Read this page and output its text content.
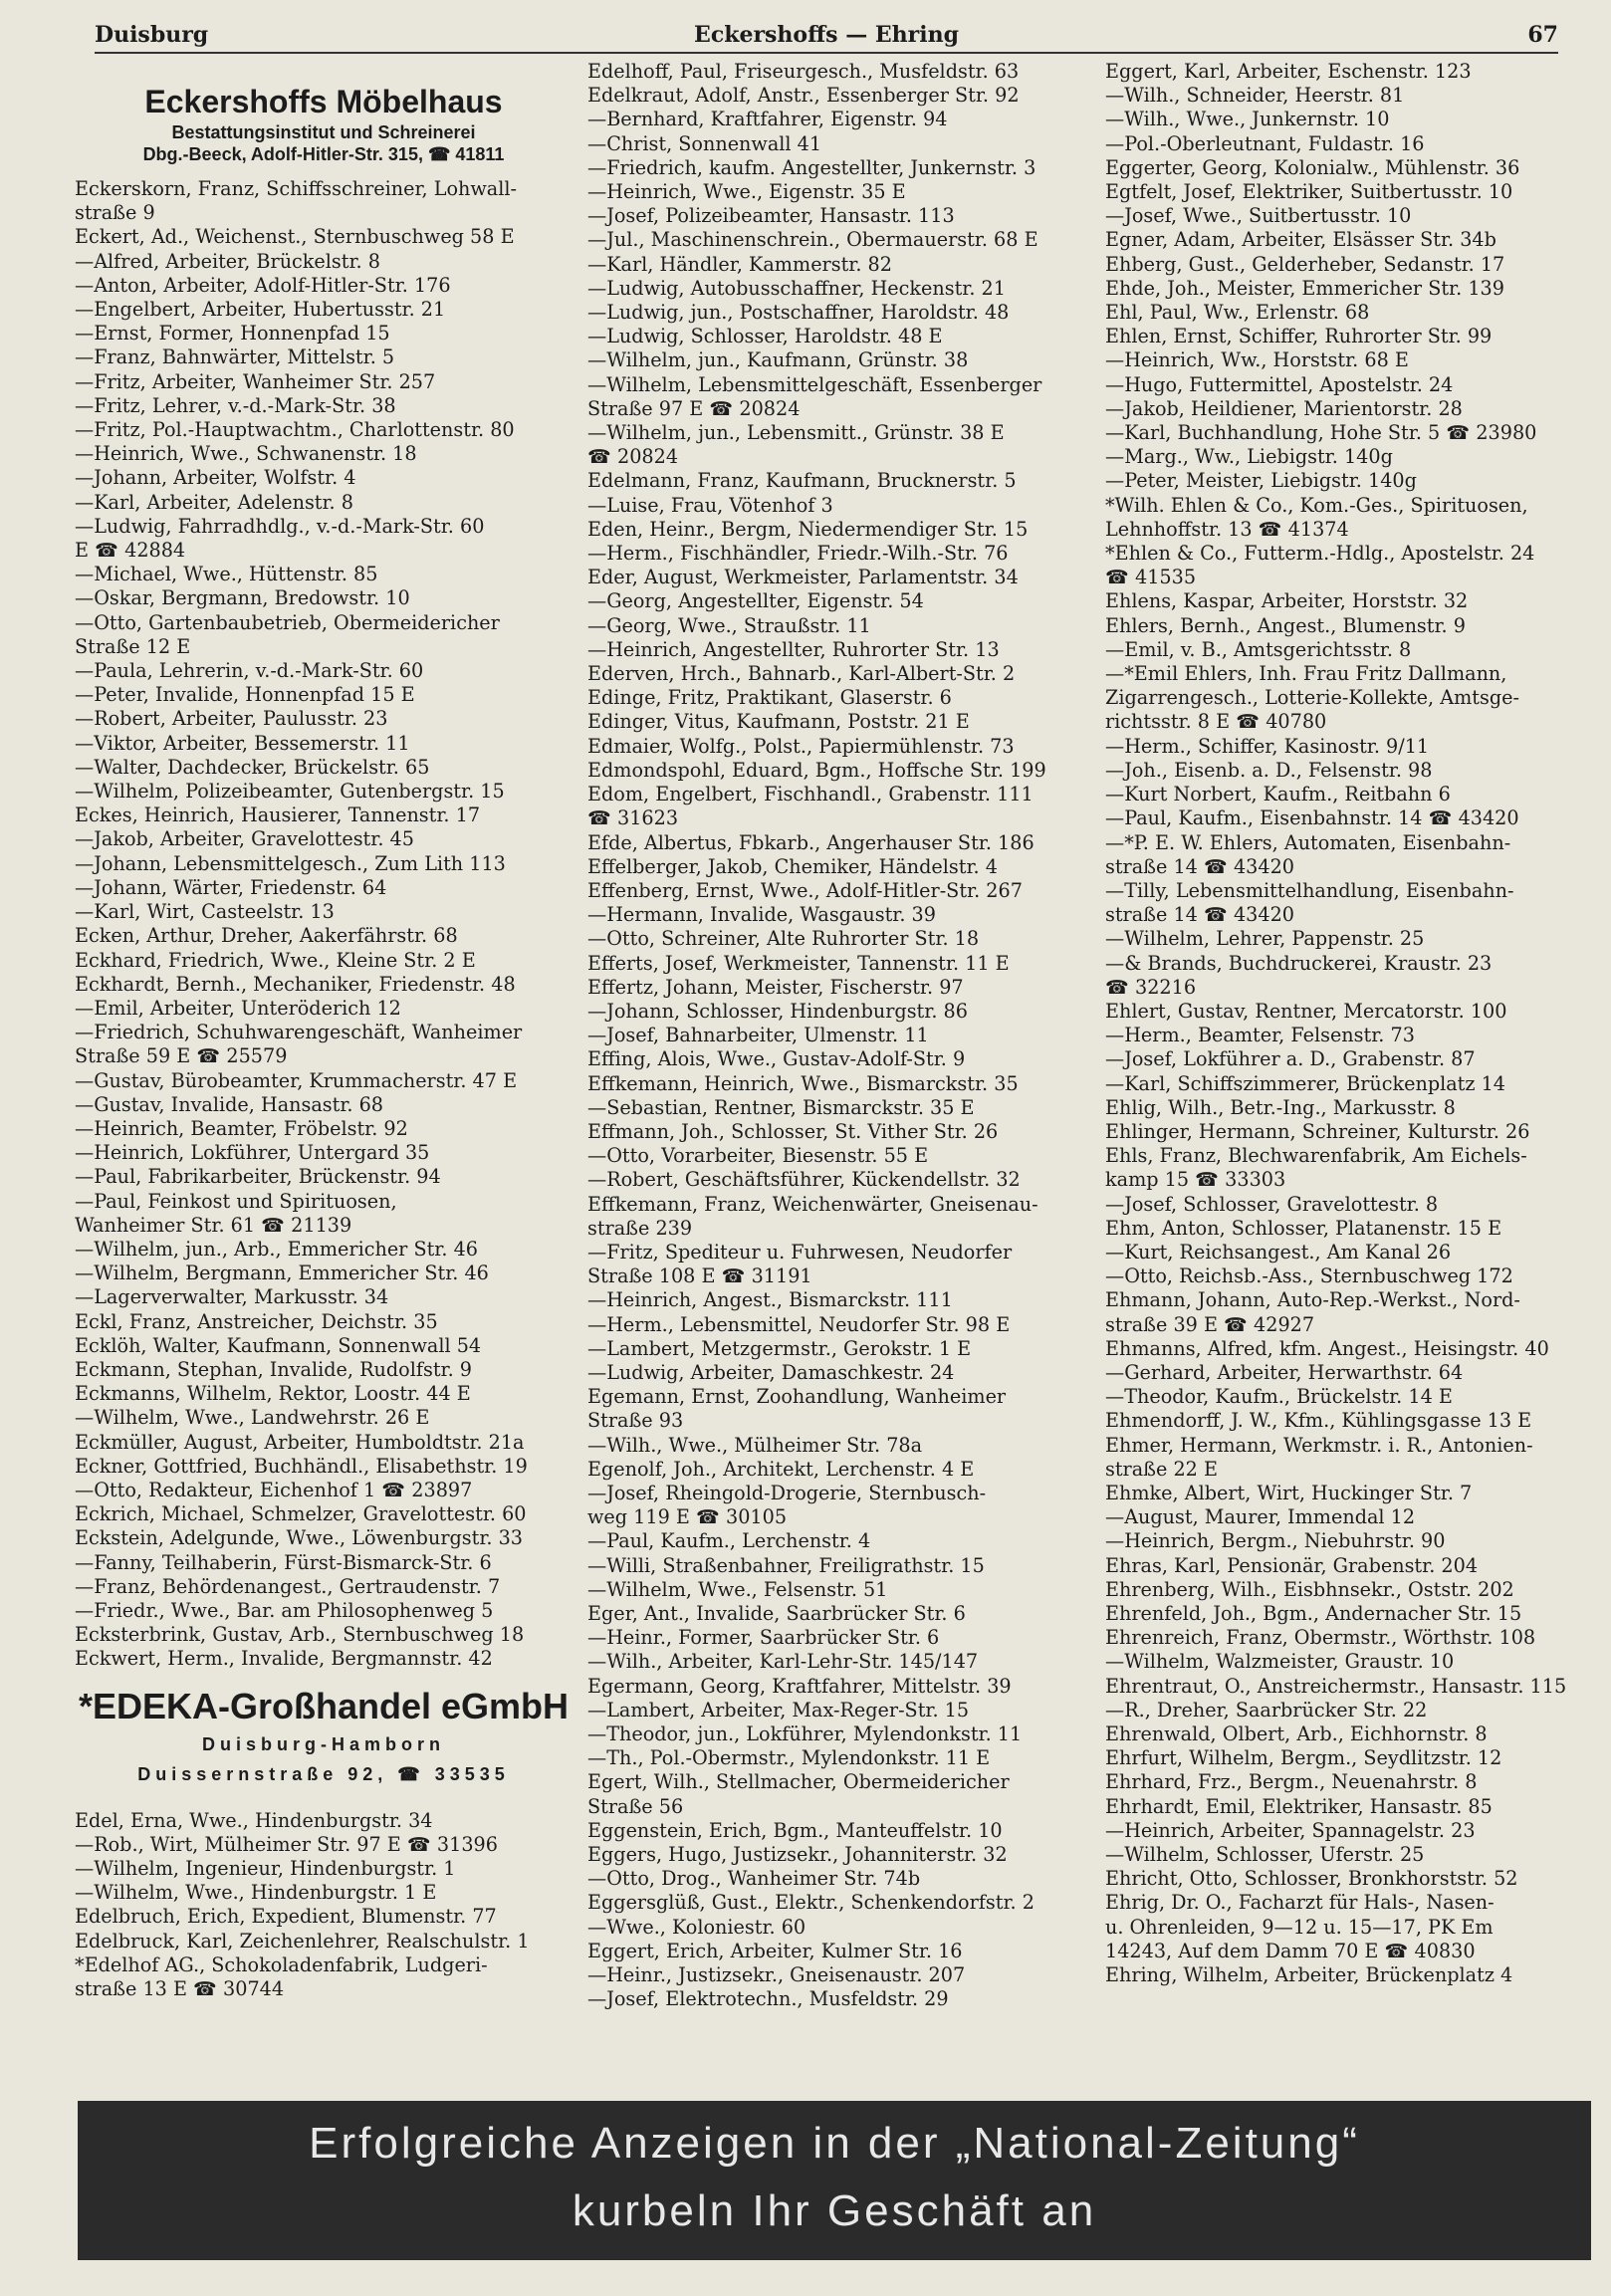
Duisburg	Eckershoffs — Ehring	67
Eckershoffs Möbelhaus
Bestattungsinstitut und Schreinerei
Dbg.-Beeck, Adolf-Hitler-Str. 315, ☎ 41811
Eckerskorn, Franz, Schiffsschreiner, Lohwall-
straße 9
Eckert, Ad., Weichenst., Sternbuschweg 58 E
—Alfred, Arbeiter, Brückelstr. 8
—Anton, Arbeiter, Adolf-Hitler-Str. 176
—Engelbert, Arbeiter, Hubertusstr. 21
—Ernst, Former, Honnenpfad 15
—Franz, Bahnwärter, Mittelstr. 5
—Fritz, Arbeiter, Wanheimer Str. 257
—Fritz, Lehrer, v.-d.-Mark-Str. 38
—Fritz, Pol.-Hauptwachtm., Charlottenstr. 80
—Heinrich, Wwe., Schwanenstr. 18
—Johann, Arbeiter, Wolfstr. 4
—Karl, Arbeiter, Adelenstr. 8
—Ludwig, Fahrradhdlg., v.-d.-Mark-Str. 60
E ☎ 42884
—Michael, Wwe., Hüttenstr. 85
—Oskar, Bergmann, Bredowstr. 10
—Otto, Gartenbaubetrieb, Obermeidericher
Straße 12 E
—Paula, Lehrerin, v.-d.-Mark-Str. 60
—Peter, Invalide, Honnenpfad 15 E
—Robert, Arbeiter, Paulusstr. 23
—Viktor, Arbeiter, Bessemerstr. 11
—Walter, Dachdecker, Brückelstr. 65
—Wilhelm, Polizeibeamter, Gutenbergstr. 15
Eckes, Heinrich, Hausierer, Tannenstr. 17
—Jakob, Arbeiter, Gravelottestr. 45
—Johann, Lebensmittelgesch., Zum Lith 113
—Johann, Wärter, Friedenstr. 64
—Karl, Wirt, Casteelstr. 13
Ecken, Arthur, Dreher, Aakerfährstr. 68
Eckhard, Friedrich, Wwe., Kleine Str. 2 E
Eckhardt, Bernh., Mechaniker, Friedenstr. 48
—Emil, Arbeiter, Unteröderich 12
—Friedrich, Schuhwarengeschäft, Wanheimer
Straße 59 E ☎ 25579
—Gustav, Bürobeamter, Krummacherstr. 47 E
—Gustav, Invalide, Hansastr. 68
—Heinrich, Beamter, Fröbelstr. 92
—Heinrich, Lokführer, Untergard 35
—Paul, Fabrikarbeiter, Brückenstr. 94
—Paul, Feinkost und Spirituosen,
Wanheimer Str. 61 ☎ 21139
—Wilhelm, jun., Arb., Emmericher Str. 46
—Wilhelm, Bergmann, Emmericher Str. 46
—Lagerverwalter, Markusstr. 34
Eckl, Franz, Anstreicher, Deichstr. 35
Ecklöh, Walter, Kaufmann, Sonnenwall 54
Eckmann, Stephan, Invalide, Rudolfstr. 9
Eckmanns, Wilhelm, Rektor, Loostr. 44 E
—Wilhelm, Wwe., Landwehrstr. 26 E
Eckmüller, August, Arbeiter, Humboldtstr. 21a
Eckner, Gottfried, Buchhändl., Elisabethstr. 19
—Otto, Redakteur, Eichenhof 1 ☎ 23897
Eckrich, Michael, Schmelzer, Gravelottestr. 60
Eckstein, Adelgunde, Wwe., Löwenburgstr. 33
—Fanny, Teilhaberin, Fürst-Bismarck-Str. 6
—Franz, Behördenangest., Gertraudenstr. 7
—Friedr., Wwe., Bar. am Philosophenweg 5
Ecksterbrink, Gustav, Arb., Sternbuschweg 18
Eckwert, Herm., Invalide, Bergmannstr. 42
*EDEKA-Großhandel eGmbH
Duisburg-Hamborn
Duissernstraße 92, ☎ 33535
Edel, Erna, Wwe., Hindenburgstr. 34
—Rob., Wirt, Mülheimer Str. 97 E ☎ 31396
—Wilhelm, Ingenieur, Hindenburgstr. 1
—Wilhelm, Wwe., Hindenburgstr. 1 E
Edelbruch, Erich, Expedient, Blumenstr. 77
Edelbruck, Karl, Zeichenlehrer, Realschulstr. 1
*Edelhof AG., Schokoladenfabrik, Ludgeri-
straße 13 E ☎ 30744
Edelhoff, Paul, Friseurgesch., Musfeldstr. 63
Edelkraut, Adolf, Anstr., Essenberger Str. 92
—Bernhard, Kraftfahrer, Eigenstr. 94
—Christ, Sonnenwall 41
—Friedrich, kaufm. Angestellter, Junkernstr. 3
—Heinrich, Wwe., Eigenstr. 35 E
—Josef, Polizeibeamter, Hansastr. 113
—Jul., Maschinenschrein., Obermauerstr. 68 E
—Karl, Händler, Kammerstr. 82
—Ludwig, Autobusschaffner, Heckenstr. 21
—Ludwig, jun., Postschaffner, Haroldstr. 48
—Ludwig, Schlosser, Haroldstr. 48 E
—Wilhelm, jun., Kaufmann, Grünstr. 38
—Wilhelm, Lebensmittelgeschäft, Essenberger
Straße 97 E ☎ 20824
—Wilhelm, jun., Lebensmitt., Grünstr. 38 E
☎ 20824
Edelmann, Franz, Kaufmann, Brucknerstr. 5
—Luise, Frau, Vötenhof 3
Eden, Heinr., Bergm, Niedermendiger Str. 15
—Herm., Fischhändler, Friedr.-Wilh.-Str. 76
Eder, August, Werkmeister, Parlamentstr. 34
—Georg, Angestellter, Eigenstr. 54
—Georg, Wwe., Straußstr. 11
—Heinrich, Angestellter, Ruhrorter Str. 13
Ederven, Hrch., Bahnarb., Karl-Albert-Str. 2
Edinge, Fritz, Praktikant, Glaserstr. 6
Edinger, Vitus, Kaufmann, Poststr. 21 E
Edmaier, Wolfg., Polst., Papiermühlenstr. 73
Edmondspohl, Eduard, Bgm., Hoffsche Str. 199
Edom, Engelbert, Fischhandl., Grabenstr. 111
☎ 31623
Efde, Albertus, Fbkarb., Angerhauser Str. 186
Effelberger, Jakob, Chemiker, Händelstr. 4
Effenberg, Ernst, Wwe., Adolf-Hitler-Str. 267
—Hermann, Invalide, Wasgaustr. 39
—Otto, Schreiner, Alte Ruhrorter Str. 18
Efferts, Josef, Werkmeister, Tannenstr. 11 E
Effertz, Johann, Meister, Fischerstr. 97
—Johann, Schlosser, Hindenburgstr. 86
—Josef, Bahnarbeiter, Ulmenstr. 11
Effing, Alois, Wwe., Gustav-Adolf-Str. 9
Effkemann, Heinrich, Wwe., Bismarckstr. 35
—Sebastian, Rentner, Bismarckstr. 35 E
Effmann, Joh., Schlosser, St. Vither Str. 26
—Otto, Vorarbeiter, Biesenstr. 55 E
—Robert, Geschäftsführer, Kückendellstr. 32
Effkemann, Franz, Weichenwärter, Gneisenau-
straße 239
—Fritz, Spediteur u. Fuhrwesen, Neudorfer
Straße 108 E ☎ 31191
—Heinrich, Angest., Bismarckstr. 111
—Herm., Lebensmittel, Neudorfer Str. 98 E
—Lambert, Metzgermstr., Gerokstr. 1 E
—Ludwig, Arbeiter, Damaschkestr. 24
Egemann, Ernst, Zoohandlung, Wanheimer
Straße 93
—Wilh., Wwe., Mülheimer Str. 78a
Egenolf, Joh., Architekt, Lerchenstr. 4 E
—Josef, Rheingold-Drogerie, Sternbusch-
weg 119 E ☎ 30105
—Paul, Kaufm., Lerchenstr. 4
—Willi, Straßenbahner, Freiligrathstr. 15
—Wilhelm, Wwe., Felsenstr. 51
Eger, Ant., Invalide, Saarbrücker Str. 6
—Heinr., Former, Saarbrücker Str. 6
—Wilh., Arbeiter, Karl-Lehr-Str. 145/147
Egermann, Georg, Kraftfahrer, Mittelstr. 39
—Lambert, Arbeiter, Max-Reger-Str. 15
—Theodor, jun., Lokführer, Mylendonkstr. 11
—Th., Pol.-Obermstr., Mylendonkstr. 11 E
Egert, Wilh., Stellmacher, Obermeidericher
Straße 56
Eggenstein, Erich, Bgm., Manteuffelstr. 10
Eggers, Hugo, Justizsekr., Johanniterstr. 32
—Otto, Drog., Wanheimer Str. 74b
Eggersglüß, Gust., Elektr., Schenkendorfstr. 2
—Wwe., Koloniestr. 60
Eggert, Erich, Arbeiter, Kulmer Str. 16
—Heinr., Justizsekr., Gneisenaustr. 207
—Josef, Elektrotechn., Musfeldstr. 29
Eggert, Karl, Arbeiter, Eschenstr. 123
—Wilh., Schneider, Heerstr. 81
—Wilh., Wwe., Junkernstr. 10
—Pol.-Oberleutnant, Fuldastr. 16
Eggerter, Georg, Kolonialw., Mühlenstr. 36
Egtfelt, Josef, Elektriker, Suitbertusstr. 10
—Josef, Wwe., Suitbertusstr. 10
Egner, Adam, Arbeiter, Elsässer Str. 34b
Ehberg, Gust., Gelderheber, Sedanstr. 17
Ehde, Joh., Meister, Emmericher Str. 139
Ehl, Paul, Ww., Erlenstr. 68
Ehlen, Ernst, Schiffer, Ruhrorter Str. 99
—Heinrich, Ww., Horststr. 68 E
—Hugo, Futtermittel, Apostelstr. 24
—Jakob, Heildiener, Marientorstr. 28
—Karl, Buchhandlung, Hohe Str. 5 ☎ 23980
—Marg., Ww., Liebigstr. 140g
—Peter, Meister, Liebigstr. 140g
*Wilh. Ehlen & Co., Kom.-Ges., Spirituosen,
Lehnhoffstr. 13 ☎ 41374
*Ehlen & Co., Futterm.-Hdlg., Apostelstr. 24
☎ 41535
Ehlens, Kaspar, Arbeiter, Horststr. 32
Ehlers, Bernh., Angest., Blumenstr. 9
—Emil, v. B., Amtsgerichtsstr. 8
—*Emil Ehlers, Inh. Frau Fritz Dallmann,
Zigarrengesch., Lotterie-Kollekte, Amtsge-
richtsstr. 8 E ☎ 40780
—Herm., Schiffer, Kasinostr. 9/11
—Joh., Eisenb. a. D., Felsenstr. 98
—Kurt Norbert, Kaufm., Reitbahn 6
—Paul, Kaufm., Eisenbahnstr. 14 ☎ 43420
—*P. E. W. Ehlers, Automaten, Eisenbahn-
straße 14 ☎ 43420
—Tilly, Lebensmittelhandlung, Eisenbahn-
straße 14 ☎ 43420
—Wilhelm, Lehrer, Pappenstr. 25
—& Brands, Buchdruckerei, Kraustr. 23
☎ 32216
Ehlert, Gustav, Rentner, Mercatorstr. 100
—Herm., Beamter, Felsenstr. 73
—Josef, Lokführer a. D., Grabenstr. 87
—Karl, Schiffszimmerer, Brückenplatz 14
Ehlig, Wilh., Betr.-Ing., Markusstr. 8
Ehlinger, Hermann, Schreiner, Kulturstr. 26
Ehls, Franz, Blechwarenfabrik, Am Eichels-
kamp 15 ☎ 33303
—Josef, Schlosser, Gravelottestr. 8
Ehm, Anton, Schlosser, Platanenstr. 15 E
—Kurt, Reichsangest., Am Kanal 26
—Otto, Reichsb.-Ass., Sternbuschweg 172
Ehmann, Johann, Auto-Rep.-Werkst., Nord-
straße 39 E ☎ 42927
Ehmanns, Alfred, kfm. Angest., Heisingstr. 40
—Gerhard, Arbeiter, Herwarthstr. 64
—Theodor, Kaufm., Brückelstr. 14 E
Ehmendorff, J. W., Kfm., Kühlingsgasse 13 E
Ehmer, Hermann, Werkmstr. i. R., Antonien-
straße 22 E
Ehmke, Albert, Wirt, Huckinger Str. 7
—August, Maurer, Immendal 12
—Heinrich, Bergm., Niebuhrstr. 90
Ehras, Karl, Pensionär, Grabenstr. 204
Ehrenberg, Wilh., Eisbhnsekr., Oststr. 202
Ehrenfeld, Joh., Bgm., Andernacher Str. 15
Ehrenreich, Franz, Obermstr., Wörthstr. 108
—Wilhelm, Walzmeister, Graustr. 10
Ehrentraut, O., Anstreichermstr., Hansastr. 115
—R., Dreher, Saarbrücker Str. 22
Ehrenwald, Olbert, Arb., Eichhornstr. 8
Ehrfurt, Wilhelm, Bergm., Seydlitzstr. 12
Ehrhard, Frz., Bergm., Neuenahrstr. 8
Ehrhardt, Emil, Elektriker, Hansastr. 85
—Heinrich, Arbeiter, Spannagelstr. 23
—Wilhelm, Schlosser, Uferstr. 25
Ehricht, Otto, Schlosser, Bronkhorststr. 52
Ehrig, Dr. O., Facharzt für Hals-, Nasen-
u. Ohrenleiden, 9—12 u. 15—17, PK Em
14243, Auf dem Damm 70 E ☎ 40830
Ehring, Wilhelm, Arbeiter, Brückenplatz 4
Erfolgreiche Anzeigen in der „National-Zeitung“
kurbeln Ihr Geschäft an
